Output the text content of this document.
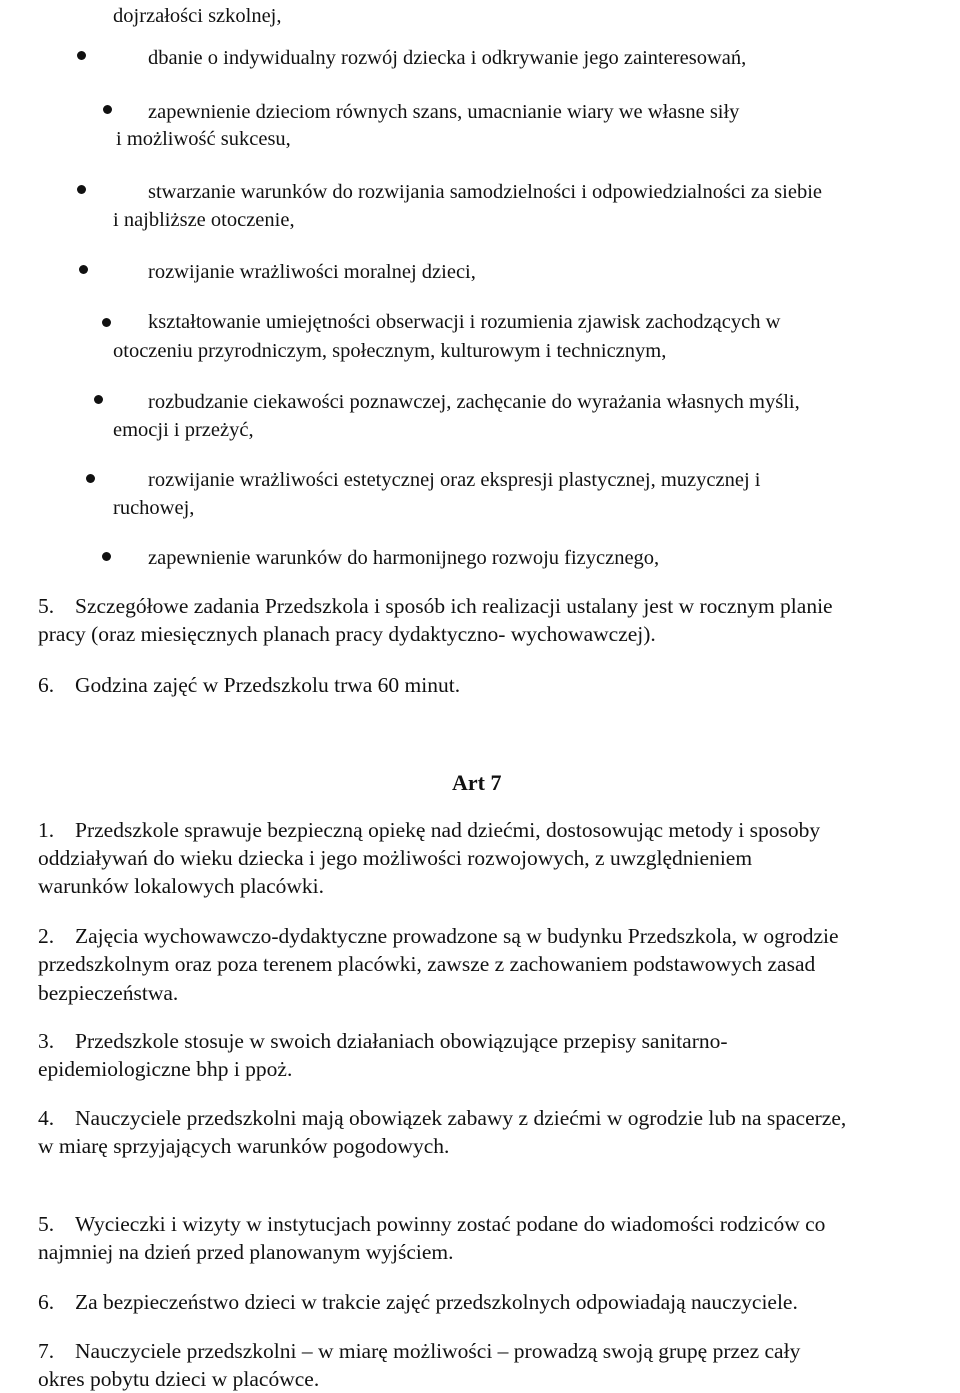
dojrzałości szkolnej,
dbanie o indywidualny rozwój dziecka i odkrywanie jego zainteresowań,
zapewnienie dzieciom równych szans, umacnianie wiary we własne siły
i możliwość sukcesu,
stwarzanie warunków do rozwijania samodzielności i odpowiedzialności za siebie
i najbliższe otoczenie,
rozwijanie wrażliwości moralnej dzieci,
kształtowanie umiejętności obserwacji i rozumienia zjawisk zachodzących w
otoczeniu przyrodniczym, społecznym, kulturowym i technicznym,
rozbudzanie ciekawości poznawczej, zachęcanie do wyrażania własnych myśli,
emocji i przeżyć,
rozwijanie wrażliwości estetycznej oraz ekspresji plastycznej, muzycznej i
ruchowej,
zapewnienie warunków do harmonijnego rozwoju fizycznego,
5. Szczegółowe zadania Przedszkola i sposób ich realizacji ustalany jest w rocznym planie
pracy (oraz miesięcznych planach pracy dydaktyczno- wychowawczej).
6. Godzina zajęć w Przedszkolu trwa 60 minut.
Art 7
1. Przedszkole sprawuje bezpieczną opiekę nad dziećmi, dostosowując metody i sposoby
oddziaływań do wieku dziecka i jego możliwości rozwojowych, z uwzględnieniem
warunków lokalowych placówki.
2. Zajęcia wychowawczo-dydaktyczne prowadzone są w budynku Przedszkola, w ogrodzie
przedszkolnym oraz poza terenem placówki, zawsze z zachowaniem podstawowych zasad
bezpieczeństwa.
3. Przedszkole stosuje w swoich działaniach obowiązujące przepisy sanitarno-
epidemiologiczne bhp i ppoż.
4. Nauczyciele przedszkolni mają obowiązek zabawy z dziećmi w ogrodzie lub na spacerze,
w miarę sprzyjających warunków pogodowych.
5. Wycieczki i wizyty w instytucjach powinny zostać podane do wiadomości rodziców co
najmniej na dzień przed planowanym wyjściem.
6. Za bezpieczeństwo dzieci w trakcie zajęć przedszkolnych odpowiadają nauczyciele.
7. Nauczyciele przedszkolni – w miarę możliwości – prowadzą swoją grupę przez cały
okres pobytu dzieci w placówce.
